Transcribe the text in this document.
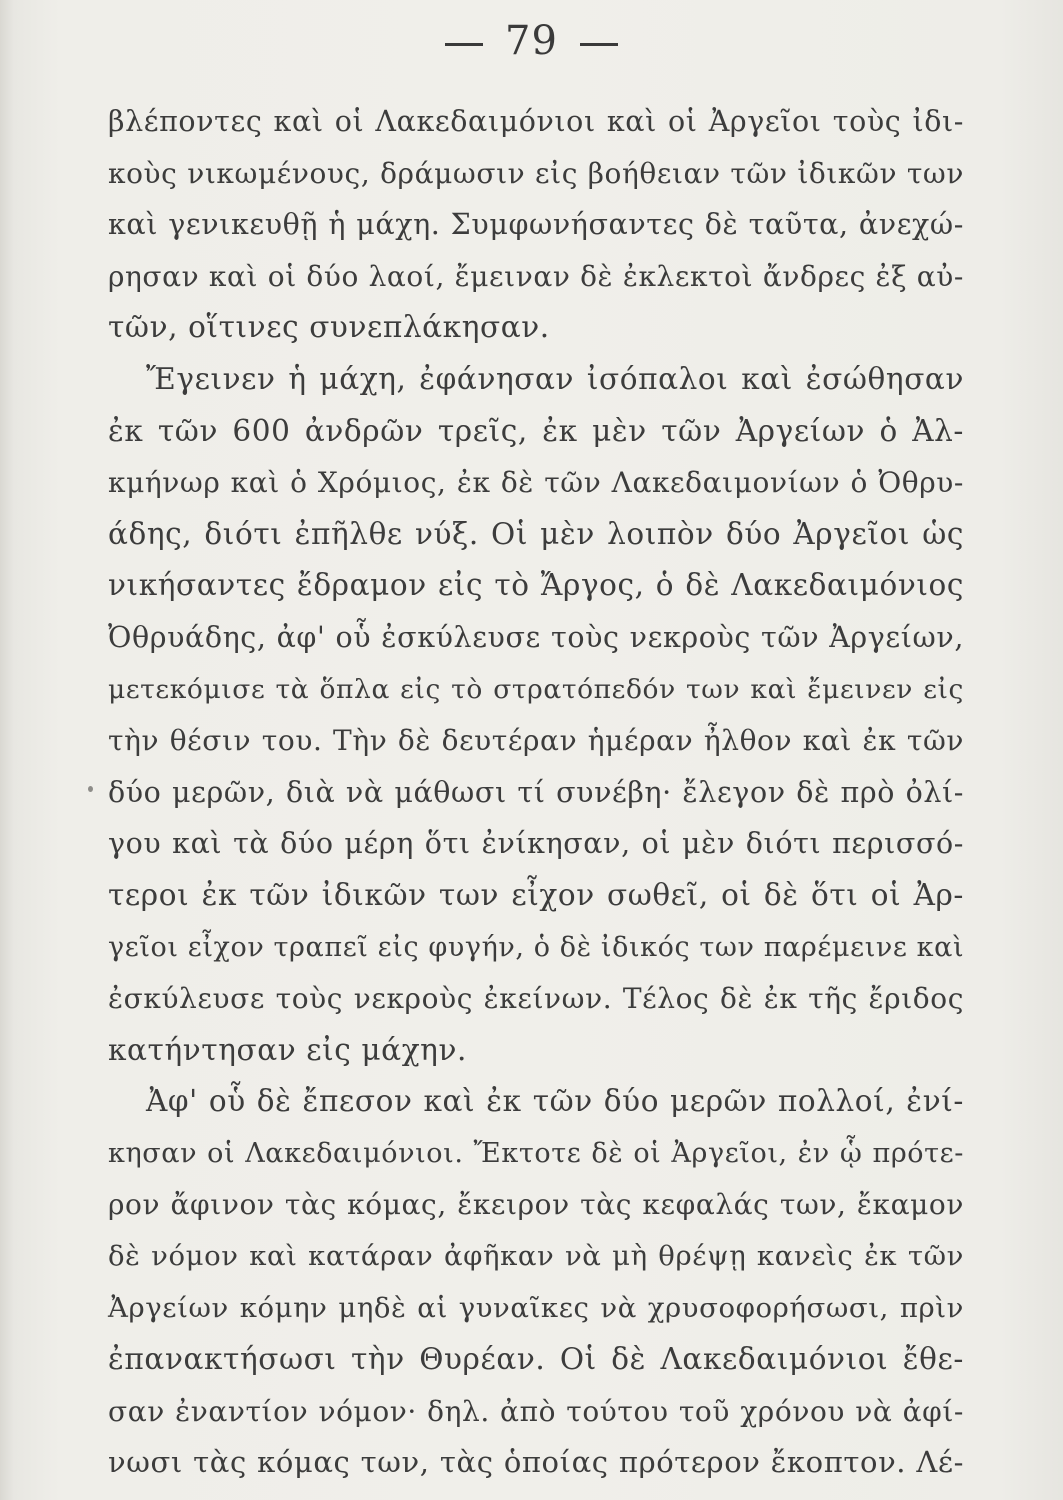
79
βλέποντες καὶ οἱ Λακεδαιμόνιοι καὶ οἱ Ἀργεῖοι τοὺς ἰδι-
κοὺς νικωμένους, δράμωσιν εἰς βοήθειαν τῶν ἰδικῶν των
καὶ γενικευθῇ ἡ μάχη. Συμφωνήσαντες δὲ ταῦτα, ἀνεχώ-
ρησαν καὶ οἱ δύο λαοί, ἔμειναν δὲ ἐκλεκτοὶ ἄνδρες ἐξ αὐ-
τῶν, οἵτινες συνεπλάκησαν.
Ἔγεινεν ἡ μάχη, ἐφάνησαν ἰσόπαλοι καὶ ἐσώθησαν
ἐκ τῶν 600 ἀνδρῶν τρεῖς, ἐκ μὲν τῶν Ἀργείων ὁ Ἀλ-
κμήνωρ καὶ ὁ Χρόμιος, ἐκ δὲ τῶν Λακεδαιμονίων ὁ Ὀθρυ-
άδης, διότι ἐπῆλθε νύξ. Οἱ μὲν λοιπὸν δύο Ἀργεῖοι ὡς
νικήσαντες ἔδραμον εἰς τὸ Ἄργος, ὁ δὲ Λακεδαιμόνιος
Ὀθρυάδης, ἀφ' οὗ ἐσκύλευσε τοὺς νεκροὺς τῶν Ἀργείων,
μετεκόμισε τὰ ὅπλα εἰς τὸ στρατόπεδόν των καὶ ἔμεινεν εἰς
τὴν θέσιν του. Τὴν δὲ δευτέραν ἡμέραν ἦλθον καὶ ἐκ τῶν
δύο μερῶν, διὰ νὰ μάθωσι τί συνέβη· ἔλεγον δὲ πρὸ ὀλί-
γου καὶ τὰ δύο μέρη ὅτι ἐνίκησαν, οἱ μὲν διότι περισσό-
τεροι ἐκ τῶν ἰδικῶν των εἶχον σωθεῖ, οἱ δὲ ὅτι οἱ Ἀρ-
γεῖοι εἶχον τραπεῖ εἰς φυγήν, ὁ δὲ ἰδικός των παρέμεινε καὶ
ἐσκύλευσε τοὺς νεκροὺς ἐκείνων. Τέλος δὲ ἐκ τῆς ἔριδος
κατήντησαν εἰς μάχην.
Ἀφ' οὗ δὲ ἔπεσον καὶ ἐκ τῶν δύο μερῶν πολλοί, ἐνί-
κησαν οἱ Λακεδαιμόνιοι. Ἔκτοτε δὲ οἱ Ἀργεῖοι, ἐν ᾧ πρότε-
ρον ἄφινον τὰς κόμας, ἔκειρον τὰς κεφαλάς των, ἔκαμον
δὲ νόμον καὶ κατάραν ἀφῆκαν νὰ μὴ θρέψῃ κανεὶς ἐκ τῶν
Ἀργείων κόμην μηδὲ αἱ γυναῖκες νὰ χρυσοφορήσωσι, πρὶν
ἐπανακτήσωσι τὴν Θυρέαν. Οἱ δὲ Λακεδαιμόνιοι ἔθε-
σαν ἐναντίον νόμον· δηλ. ἀπὸ τούτου τοῦ χρόνου νὰ ἀφί-
νωσι τὰς κόμας των, τὰς ὁποίας πρότερον ἔκοπτον. Λέ-
